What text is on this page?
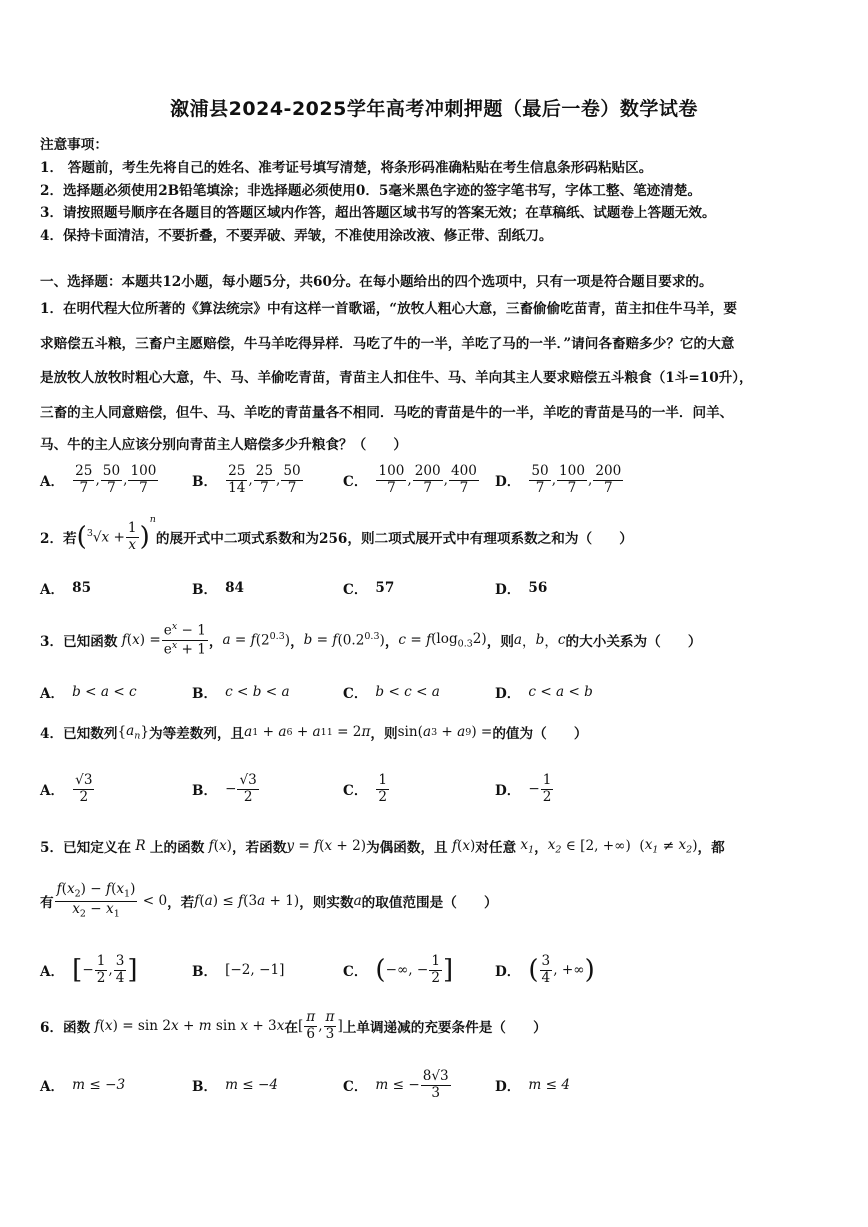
溆浦县2024-2025学年高考冲刺押题（最后一卷）数学试卷
注意事项：
1． 答题前，考生先将自己的姓名、准考证号填写清楚，将条形码准确粘贴在考生信息条形码粘贴区。
2．选择题必须使用2B铅笔填涂；非选择题必须使用0．5毫米黑色字迹的签字笔书写，字体工整、笔迹清楚。
3．请按照题号顺序在各题目的答题区域内作答，超出答题区域书写的答案无效；在草稿纸、试题卷上答题无效。
4．保持卡面清洁，不要折叠，不要弄破、弄皱，不准使用涂改液、修正带、刮纸刀。
一、选择题：本题共12小题，每小题5分，共60分。在每小题给出的四个选项中，只有一项是符合题目要求的。
1．在明代程大位所著的《算法统宗》中有这样一首歌谣，“放牧人粗心大意，三畜偷偷吃苗青，苗主扣住牛马羊，要
求赔偿五斗粮，三畜户主愿赔偿，牛马羊吃得异样．马吃了牛的一半，羊吃了马的一半．”请问各畜赔多少？它的大意
是放牧人放牧时粗心大意，牛、马、羊偷吃青苗，青苗主人扣住牛、马、羊向其主人要求赔偿五斗粮食（1斗=10升），
三畜的主人同意赔偿，但牛、马、羊吃的青苗量各不相同．马吃的青苗是牛的一半，羊吃的青苗是马的一半．问羊、
马、牛的主人应该分别向青苗主人赔偿多少升粮食？（　　）
A． $\frac{25}{7}$ , $\frac{50}{7}$ , $\frac{100}{7}$ B． $\frac{25}{14}$ , $\frac{25}{7}$ , $\frac{50}{7}$	C． $\frac{100}{7}$ , $\frac{200}{7}$ , $\frac{400}{7}$ D． $\frac{50}{7}$ , $\frac{100}{7}$ , $\frac{200}{7}$
2．若 ( $^3√x + \frac{1}{x}$ )
$^n$
的展开式中二项式系数和为256，则二项式展开式中有理项系数之和为（　　）
A． 85	B． 84	C． 57	D． 56
3．已知函数 f ( x ) = $\frac{e^x - 1}{e^x + 1}$ ， a = f $(2^{0.3})$ ， b = f $(0.2^{0.3})$ ， c = f $(\log_{0.3}2)$ ，则 a ， b ， c 的大小关系为（　　）
A． b < a < c	B． c < b < a	C． b < c < a	D． c < a < b
4．已知数列 { $a_n$ } 为等差数列，且 a 1 + a 6 + a 11 = 2 π ，则 sin( a 3 + a 9 ) = 的值为（　　）
A． $\frac{√3}{2}$	B． − $\frac{√3}{2}$	C． $\frac{1}{2}$	D． − $\frac{1}{2}$
5．已知定义在 R 上的函数 f ( x ) ，若函数 y = f ( x + 2) 为偶函数，且 f ( x ) 对任意 $x_1$ ， $x_2$ ∈ [2, +∞)  ( $x_1 \ne x_2$ ) ，都
有 $\frac{f(x_2) - f(x_1)}{x_2 - x_1} < 0$ ，若 f ( a ) ≤ f (3 a + 1) ，则实数 a 的取值范围是（　　）
A． [ − $\frac{1}{2}$ , $\frac{3}{4}$ ]	B． [−2, −1]	C． ( −∞, − $\frac{1}{2}$ ]	D． ( $\frac{3}{4}$ , +∞ )
6．函数 f ( x ) = sin 2 x + m sin x + 3 x 在 [ $\frac{\pi}{6}$ , $\frac{\pi}{3}$ ] 上单调递减的充要条件是（　　）
A． m ≤ −3	B． m ≤ −4	C． m ≤ − $\frac{8√3}{3}$	D． m ≤ 4
